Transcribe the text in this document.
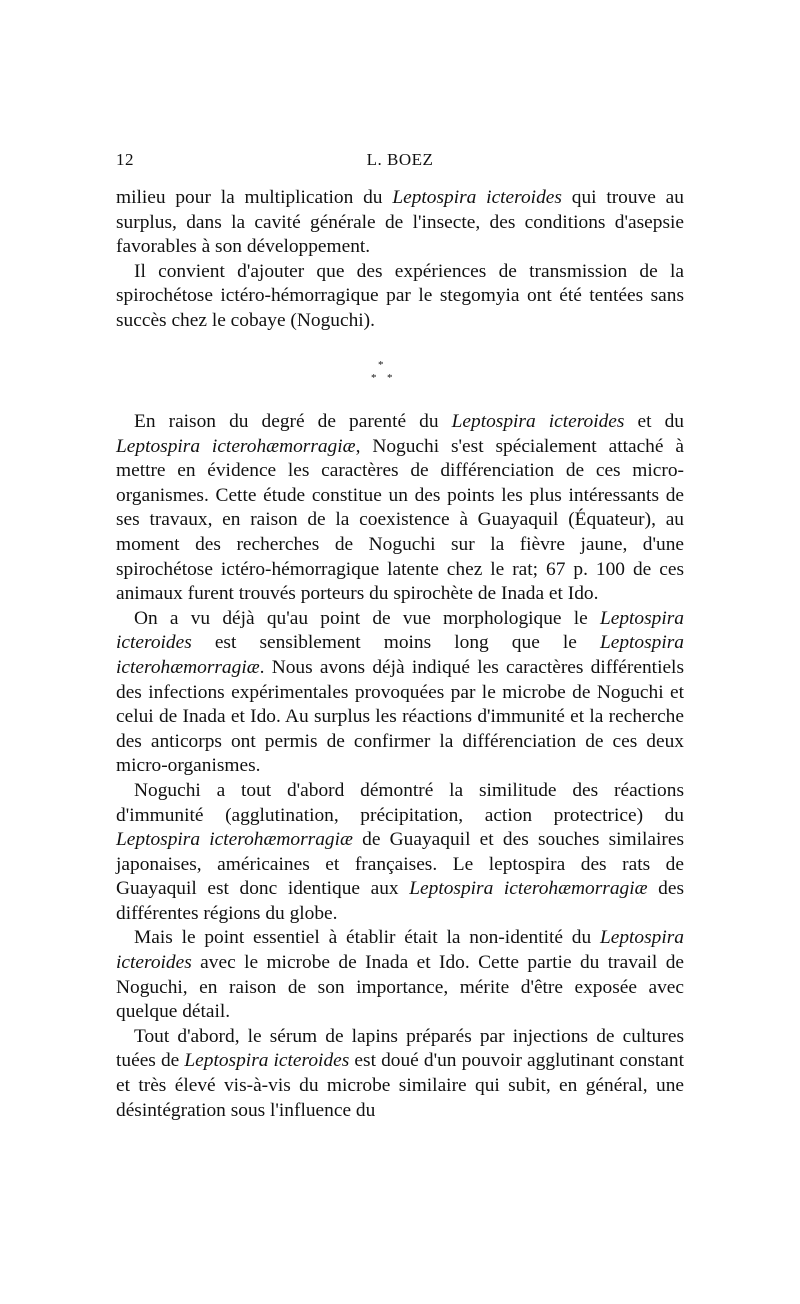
12	L. BOEZ

milieu pour la multiplication du Leptospira icteroides qui trouve au surplus, dans la cavité générale de l'insecte, des conditions d'asepsie favorables à son développement.

Il convient d'ajouter que des expériences de transmission de la spirochétose ictéro-hémorragique par le stegomyia ont été tentées sans succès chez le cobaye (Noguchi).

*
* *

En raison du degré de parenté du Leptospira icteroides et du Leptospira icterohæmorragiæ, Noguchi s'est spécialement attaché à mettre en évidence les caractères de différenciation de ces micro-organismes. Cette étude constitue un des points les plus intéressants de ses travaux, en raison de la coexistence à Guayaquil (Équateur), au moment des recherches de Noguchi sur la fièvre jaune, d'une spirochétose ictéro-hémorragique latente chez le rat; 67 p. 100 de ces animaux furent trouvés porteurs du spirochète de Inada et Ido.

On a vu déjà qu'au point de vue morphologique le Leptospira icteroides est sensiblement moins long que le Leptospira icterohæmorragiæ. Nous avons déjà indiqué les caractères différentiels des infections expérimentales provoquées par le microbe de Noguchi et celui de Inada et Ido. Au surplus les réactions d'immunité et la recherche des anticorps ont permis de confirmer la différenciation de ces deux micro-organismes.

Noguchi a tout d'abord démontré la similitude des réactions d'immunité (agglutination, précipitation, action protectrice) du Leptospira icterohæmorragiæ de Guayaquil et des souches similaires japonaises, américaines et françaises. Le leptospira des rats de Guayaquil est donc identique aux Leptospira icterohæmorragiæ des différentes régions du globe.

Mais le point essentiel à établir était la non-identité du Leptospira icteroides avec le microbe de Inada et Ido. Cette partie du travail de Noguchi, en raison de son importance, mérite d'être exposée avec quelque détail.

Tout d'abord, le sérum de lapins préparés par injections de cultures tuées de Leptospira icteroides est doué d'un pouvoir agglutinant constant et très élevé vis-à-vis du microbe similaire qui subit, en général, une désintégration sous l'influence du
